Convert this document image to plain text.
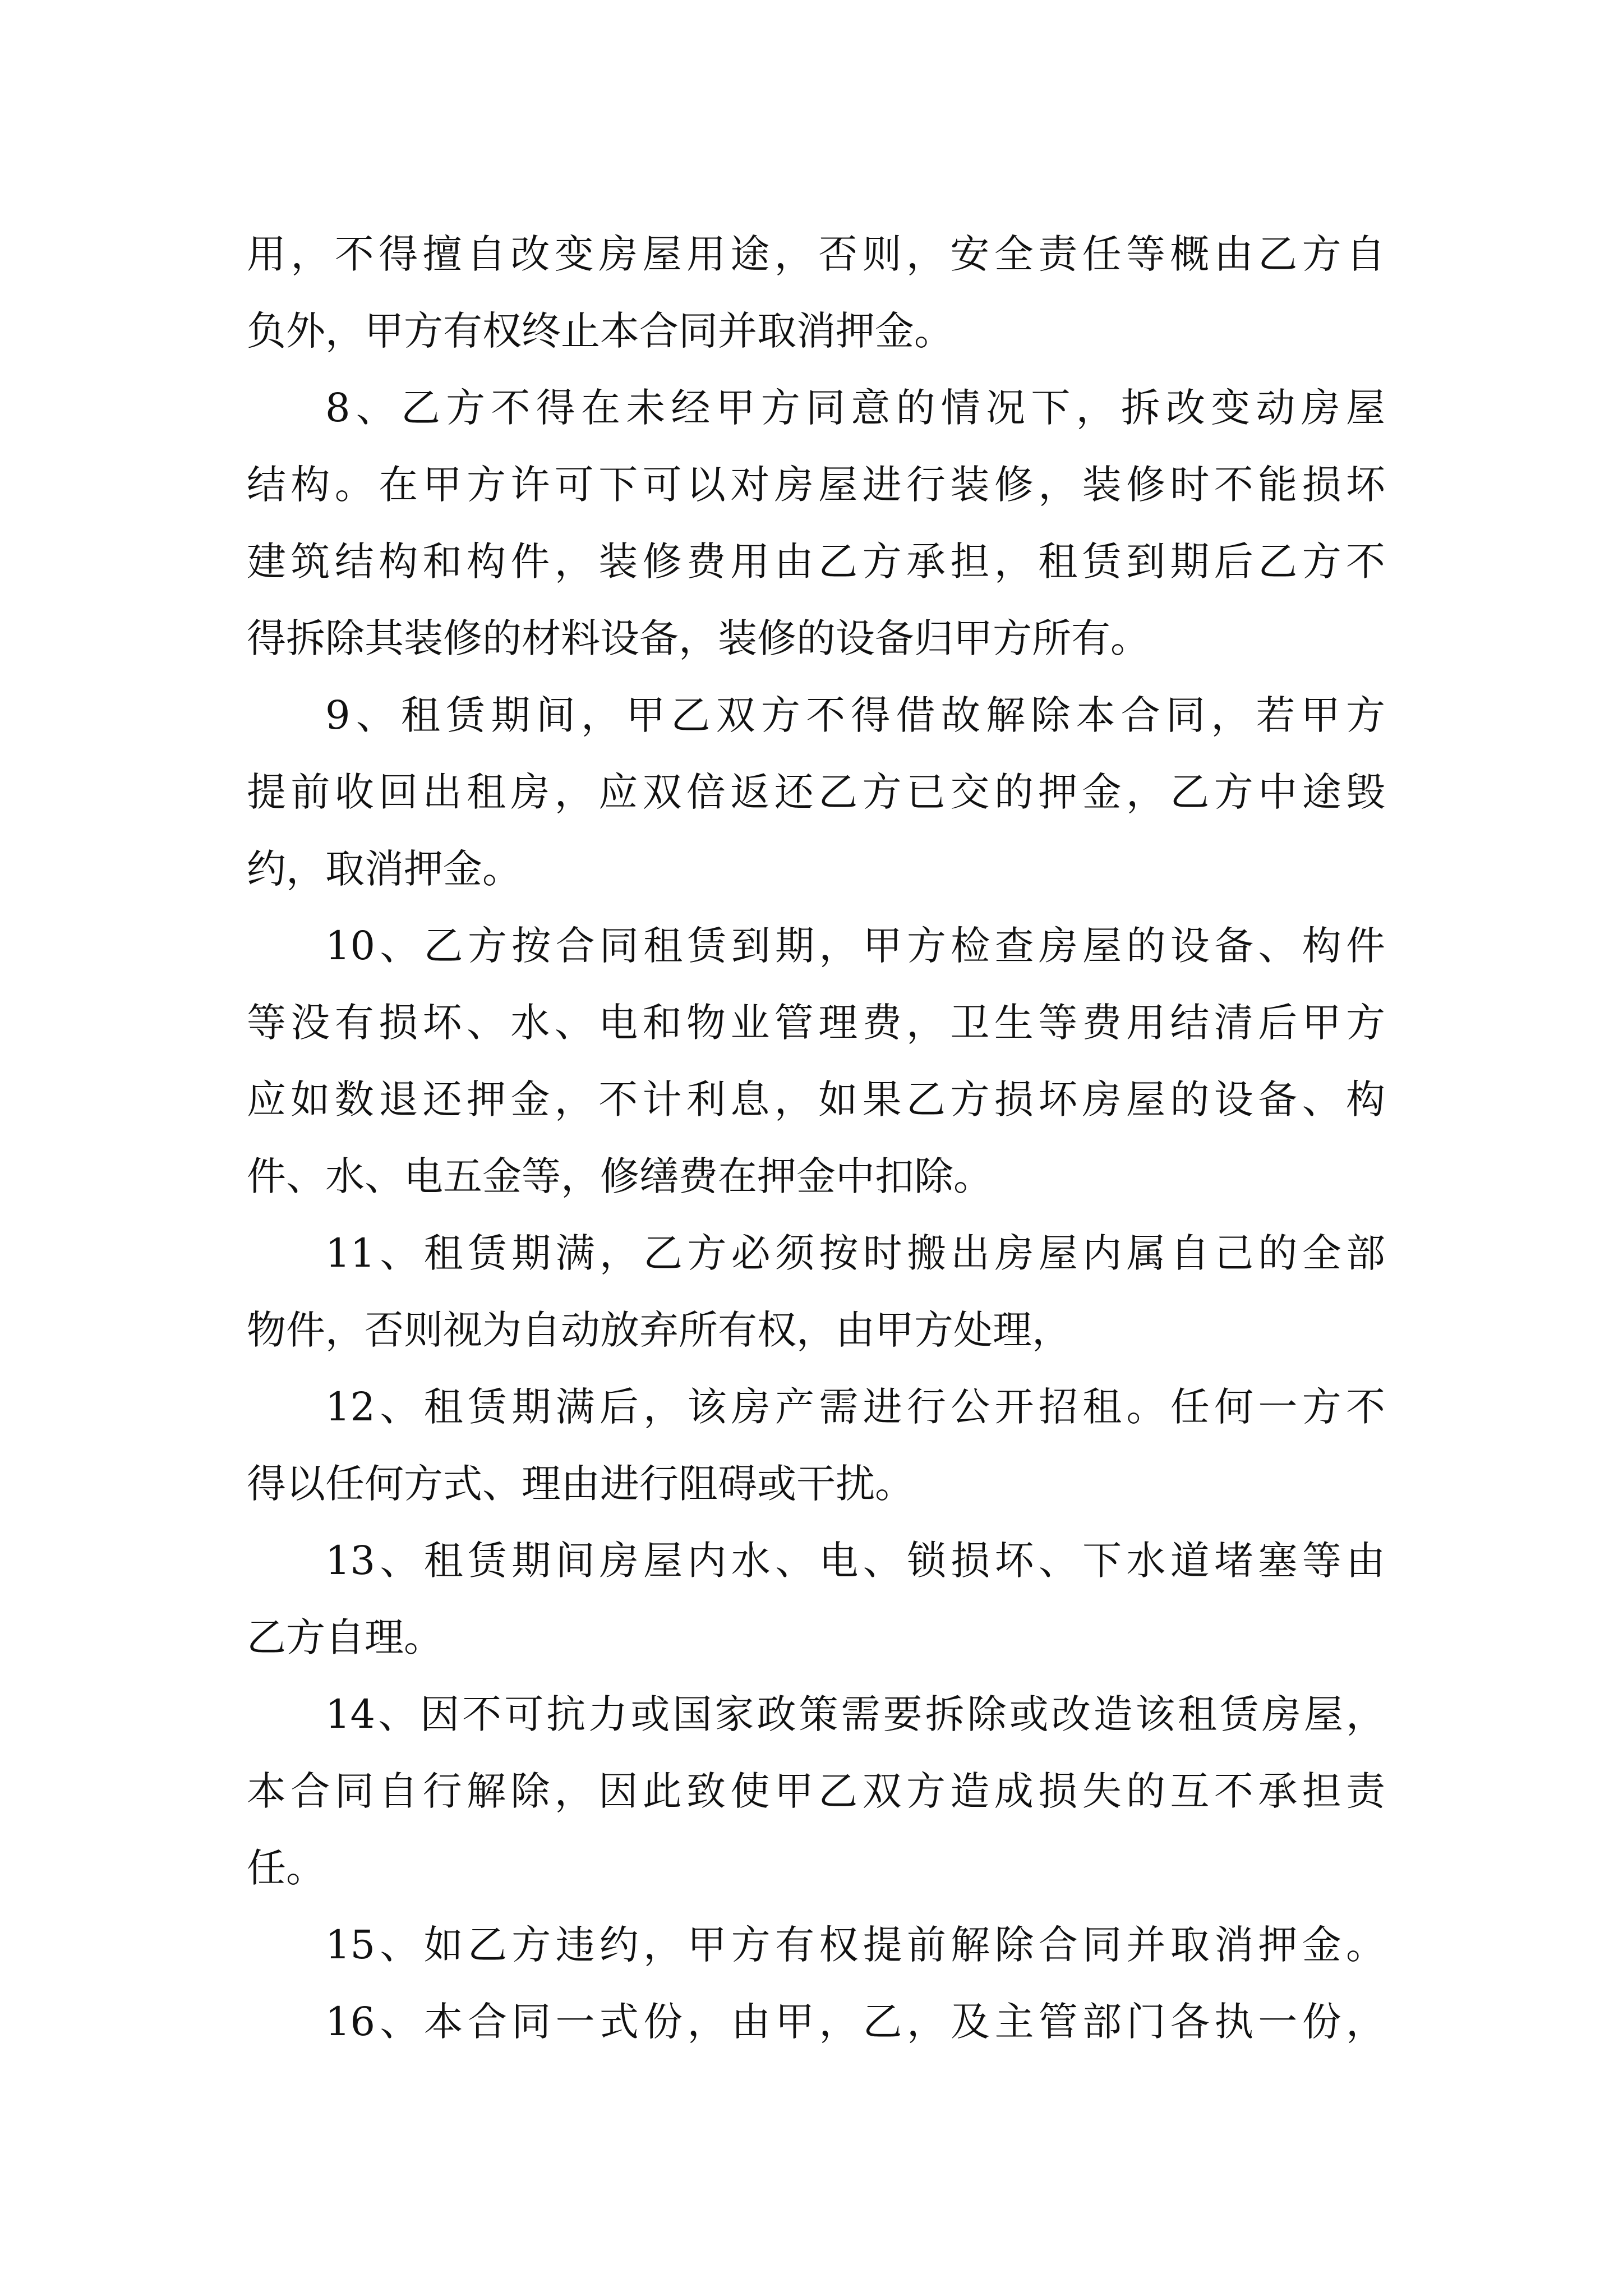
用，不得擅自改变房屋用途，否则，安全责任等概由乙方自
负外，甲方有权终止本合同并取消押金。
8、乙方不得在未经甲方同意的情况下，拆改变动房屋
结构。在甲方许可下可以对房屋进行装修，装修时不能损坏
建筑结构和构件，装修费用由乙方承担，租赁到期后乙方不
得拆除其装修的材料设备，装修的设备归甲方所有。
9、租赁期间，甲乙双方不得借故解除本合同，若甲方
提前收回出租房，应双倍返还乙方已交的押金，乙方中途毁
约，取消押金。
10、乙方按合同租赁到期，甲方检查房屋的设备、构件
等没有损坏、水、电和物业管理费，卫生等费用结清后甲方
应如数退还押金，不计利息，如果乙方损坏房屋的设备、构
件、水、电五金等，修缮费在押金中扣除。
11、租赁期满，乙方必须按时搬出房屋内属自己的全部
物件，否则视为自动放弃所有权，由甲方处理，
12、租赁期满后，该房产需进行公开招租。任何一方不
得以任何方式、理由进行阻碍或干扰。
13、租赁期间房屋内水、电、锁损坏、下水道堵塞等由
乙方自理。
14、因不可抗力或国家政策需要拆除或改造该租赁房屋，
本合同自行解除，因此致使甲乙双方造成损失的互不承担责
任。
15、如乙方违约，甲方有权提前解除合同并取消押金。
16、本合同一式份，由甲，乙，及主管部门各执一份，
